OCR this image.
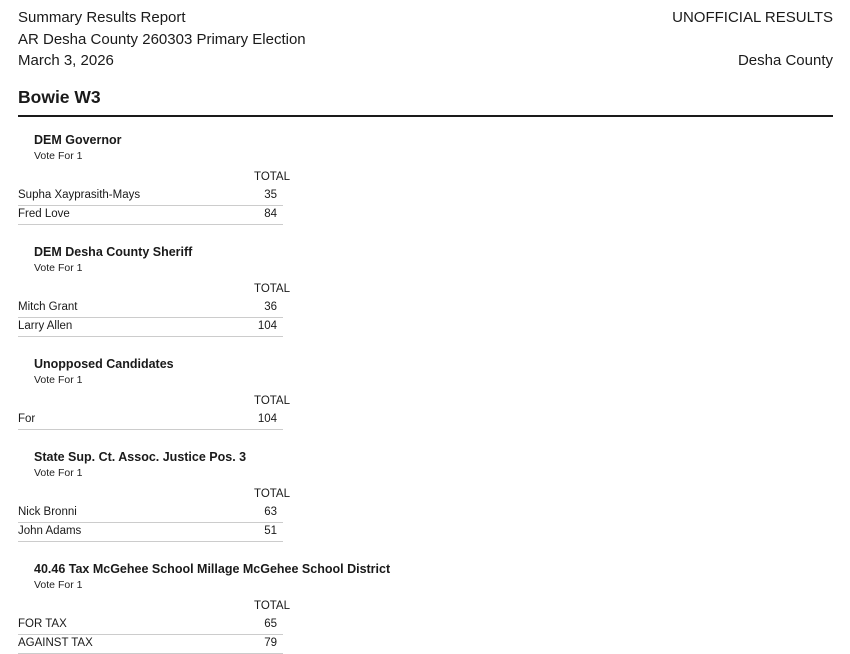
Summary Results Report
AR Desha County 260303 Primary Election
March 3, 2026
UNOFFICIAL RESULTS
Desha County
Bowie W3
DEM Governor
Vote For 1
TOTAL
Supha Xayprasith-Mays	35
Fred Love	84
DEM Desha County Sheriff
Vote For 1
TOTAL
Mitch Grant	36
Larry Allen	104
Unopposed Candidates
Vote For 1
TOTAL
For	104
State Sup. Ct. Assoc. Justice Pos. 3
Vote For 1
TOTAL
Nick Bronni	63
John Adams	51
40.46 Tax McGehee School Millage McGehee School District
Vote For 1
TOTAL
FOR TAX	65
AGAINST TAX	79
